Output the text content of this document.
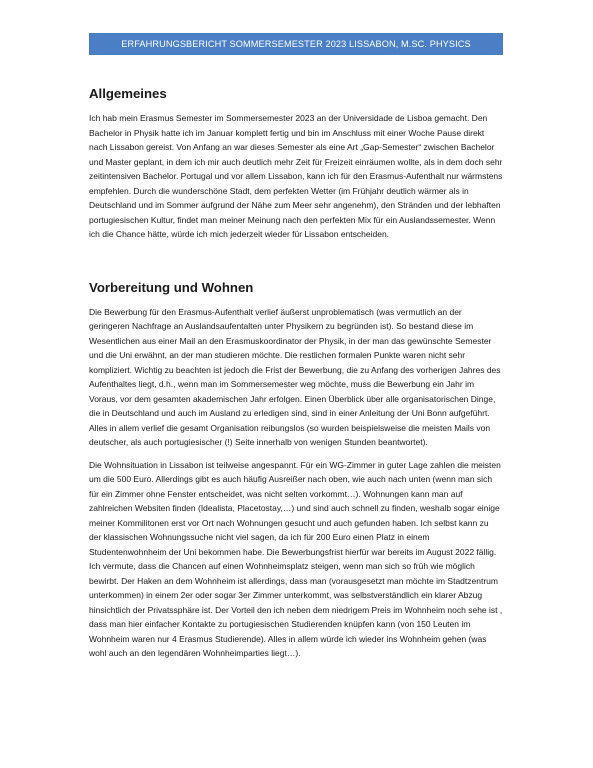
ERFAHRUNGSBERICHT SOMMERSEMESTER 2023 LISSABON, M.SC. PHYSICS
Allgemeines

Ich hab mein Erasmus Semester im Sommersemester 2023 an der Universidade de Lisboa gemacht. Den Bachelor in Physik hatte ich im Januar komplett fertig und bin im Anschluss mit einer Woche Pause direkt nach Lissabon gereist. Von Anfang an war dieses Semester als eine Art „Gap-Semester“ zwischen Bachelor und Master geplant, in dem ich mir auch deutlich mehr Zeit für Freizeit einräumen wollte, als in dem doch sehr zeitintensiven Bachelor. Portugal und vor allem Lissabon, kann ich für den Erasmus-Aufenthalt nur wärmstens empfehlen. Durch die wunderschöne Stadt, dem perfekten Wetter (im Frühjahr deutlich wärmer als in Deutschland und im Sommer aufgrund der Nähe zum Meer sehr angenehm), den Stränden und der lebhaften portugiesischen Kultur, findet man meiner Meinung nach den perfekten Mix für ein Auslandssemester. Wenn ich die Chance hätte, würde ich mich jederzeit wieder für Lissabon entscheiden.

Vorbereitung und Wohnen

Die Bewerbung für den Erasmus-Aufenthalt verlief äußerst unproblematisch (was vermutlich an der geringeren Nachfrage an Auslandsaufentalten unter Physikern zu begründen ist). So bestand diese im Wesentlichen aus einer Mail an den Erasmuskoordinator der Physik, in der man das gewünschte Semester und die Uni erwähnt, an der man studieren möchte. Die restlichen formalen Punkte waren nicht sehr kompliziert. Wichtig zu beachten ist jedoch die Frist der Bewerbung, die zu Anfang des vorherigen Jahres des Aufenthaltes liegt, d.h., wenn man im Sommersemester weg möchte, muss die Bewerbung ein Jahr im Voraus, vor dem gesamten akademischen Jahr erfolgen. Einen Überblick über alle organisatorischen Dinge, die in Deutschland und auch im Ausland zu erledigen sind, sind in einer Anleitung der Uni Bonn aufgeführt. Alles in allem verlief die gesamt Organisation reibungslos (so wurden beispielsweise die meisten Mails von deutscher, als auch portugiesischer (!) Seite innerhalb von wenigen Stunden beantwortet).

Die Wohnsituation in Lissabon ist teilweise angespannt. Für ein WG-Zimmer in guter Lage zahlen die meisten um die 500 Euro. Allerdings gibt es auch häufig Ausreißer nach oben, wie auch nach unten (wenn man sich für ein Zimmer ohne Fenster entscheidet, was nicht selten vorkommt…). Wohnungen kann man auf zahlreichen Websiten finden (Idealista, Placetostay,…) und sind auch schnell zu finden, weshalb sogar einige meiner Kommilitonen erst vor Ort nach Wohnungen gesucht und auch gefunden haben. Ich selbst kann zu der klassischen Wohnungssuche nicht viel sagen, da ich für 200 Euro einen Platz in einem Studentenwohnheim der Uni bekommen habe. Die Bewerbungsfrist hierfür war bereits im August 2022 fällig. Ich vermute, dass die Chancen auf einen Wohnheimsplatz steigen, wenn man sich so früh wie möglich bewirbt. Der Haken an dem Wohnheim ist allerdings, dass man (vorausgesetzt man möchte im Stadtzentrum unterkommen) in einem 2er oder sogar 3er Zimmer unterkommt, was selbstverständlich ein klarer Abzug hinsichtlich der Privatssphäre ist. Der Vorteil den ich neben dem niedrigem Preis im Wohnheim noch sehe ist , dass man hier einfacher Kontakte zu portugiesischen Studierenden knüpfen kann (von 150 Leuten im Wohnheim waren nur 4 Erasmus Studierende). Alles in allem würde ich wieder ins Wohnheim gehen (was wohl auch an den legendären Wohnheimparties liegt…).
